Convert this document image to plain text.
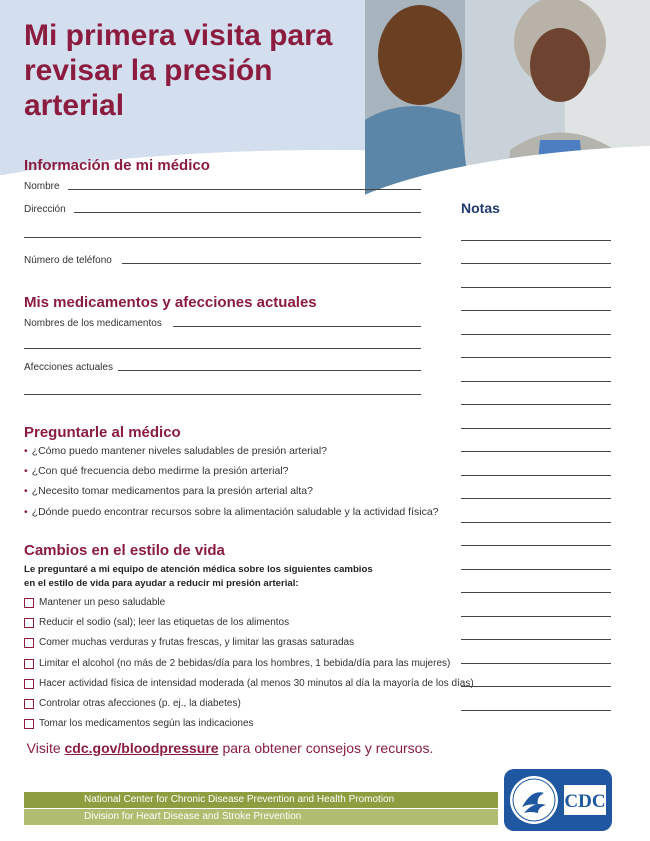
Mi primera visita para revisar la presión arterial
Información de mi médico
Nombre
Dirección
Número de teléfono
Mis medicamentos y afecciones actuales
Nombres de los medicamentos
Afecciones actuales
Notas
Preguntarle al médico
• ¿Cómo puedo mantener niveles saludables de presión arterial?
• ¿Con qué frecuencia debo medirme la presión arterial?
• ¿Necesito tomar medicamentos para la presión arterial alta?
• ¿Dónde puedo encontrar recursos sobre la alimentación saludable y la actividad física?
Cambios en el estilo de vida
Le preguntaré a mi equipo de atención médica sobre los siguientes cambios
en el estilo de vida para ayudar a reducir mi presión arterial:
Mantener un peso saludable
Reducir el sodio (sal); leer las etiquetas de los alimentos
Comer muchas verduras y frutas frescas, y limitar las grasas saturadas
Limitar el alcohol (no más de 2 bebidas/día para los hombres, 1 bebida/día para las mujeres)
Hacer actividad física de intensidad moderada (al menos 30 minutos al día la mayoría de los días)
Controlar otras afecciones (p. ej., la diabetes)
Tomar los medicamentos según las indicaciones
Visite cdc.gov/bloodpressure para obtener consejos y recursos.
National Center for Chronic Disease Prevention and Health Promotion
Division for Heart Disease and Stroke Prevention
CDC
